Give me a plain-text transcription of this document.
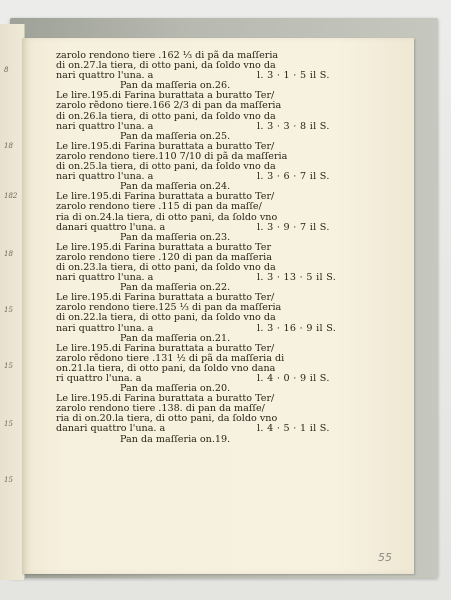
8
18
182
18
15
15
15
15
zarolo rendono tiere .162 ⅓ di pã da maſſeria
di on.27.la tiera, di otto pani, da ſoldo vno da
nari quattro l'una. a	l. 3 · 1 · 5 il S.
Pan da maſſeria on.26.
Le lire.195.di Farina burattata a buratto Ter/
zarolo rẽdono tiere.166 2/3 di pan da maſſeria
di on.26.la tiera, di otto pani, da ſoldo vno da
nari quattro l'una. a	l. 3 · 3 · 8 il S.
Pan da maſſeria on.25.
Le lire.195.di Farina burattata a buratto Ter/
zarolo rendono tiere.110 7/10 di pã da maſſeria
di on.25.la tiera, di otto pani, da ſoldo vno da
nari quattro l'una. a	l. 3 · 6 · 7 il S.
Pan da maſſeria on.24.
Le lire.195.di Farina burattata a buratto Ter/
zarolo rendono tiere .115 di pan da maſſe/
ria di on.24.la tiera, di otto pani, da ſoldo vno
danari quattro l'una. a	l. 3 · 9 · 7 il S.
Pan da maſſeria on.23.
Le lire.195.di Farina burattata a buratto Ter
zarolo rendono tiere .120 di pan da maſſeria
di on.23.la tiera, di otto pani, da ſoldo vno da
nari quattro l'una. a	l. 3 · 13 · 5 il S.
Pan da maſſeria on.22.
Le lire.195.di Farina burattata a buratto Ter/
zarolo rendono tiere.125 ⅓ di pan da maſſeria
di on.22.la tiera, di otto pani, da ſoldo vno da
nari quattro l'una. a	l. 3 · 16 · 9 il S.
Pan da maſſeria on.21.
Le lire.195.di Farina burattata a buratto Ter/
zarolo rẽdono tiere .131 ½ di pã da maſſeria di
on.21.la tiera, di otto pani, da ſoldo vno dana
ri quattro l'una. a	l. 4 · 0 · 9 il S.
Pan da maſſeria on.20.
Le lire.195.di Farina burattata a buratto Ter/
zarolo rendono tiere .138. di pan da maſſe/
ria di on.20.la tiera, di otto pani, da ſoldo vno
danari quattro l'una. a	l. 4 · 5 · 1 il S.
Pan da maſſeria on.19.
55
